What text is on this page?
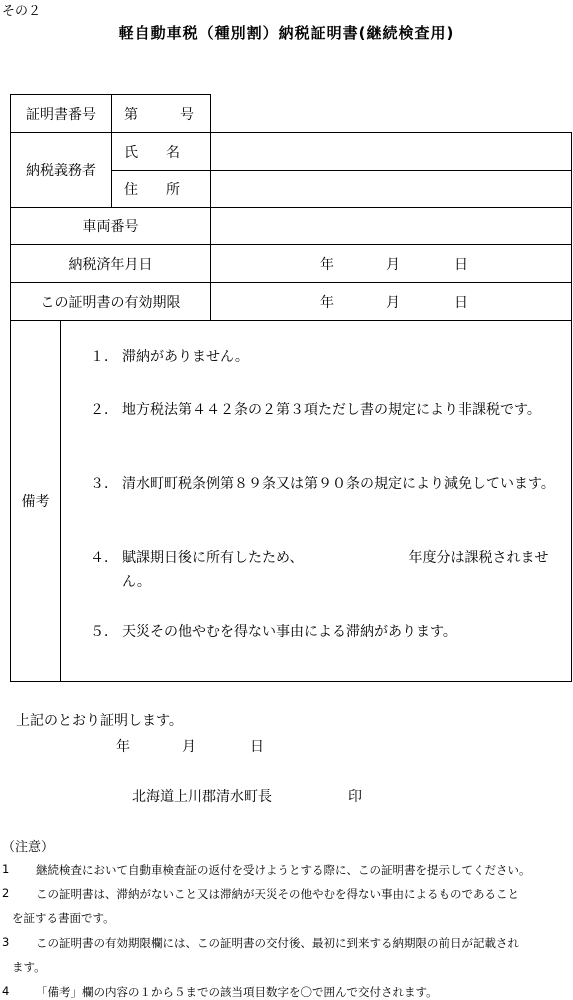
その２
軽自動車税（種別割）納税証明書(継続検査用)
証明書番号	第	号
納税義務者
氏　　名
住　　所
車両番号
納税済年月日	年	月	日
この証明書の有効期限	年	月	日
備考
１． 滞納がありません。
２． 地方税法第４４２条の２第３項ただし書の規定により非課税です。
３． 清水町町税条例第８９条又は第９０条の規定により減免しています。
４． 賦課期日後に所有したため、　　　　　　　　年度分は課税されません。
５． 天災その他やむを得ない事由による滞納があります。
上記のとおり証明します。
年	月	日
北海道上川郡清水町長	印
（注意）
1 継続検査において自動車検査証の返付を受けようとする際に、この証明書を提示してください。
2 この証明書は、滞納がないこと又は滞納が天災その他やむを得ない事由によるものであること
を証する書面です。
3 この証明書の有効期限欄には、この証明書の交付後、最初に到来する納期限の前日が記載され
ます。
4 「備考」欄の内容の１から５までの該当項目数字を〇で囲んで交付されます。
